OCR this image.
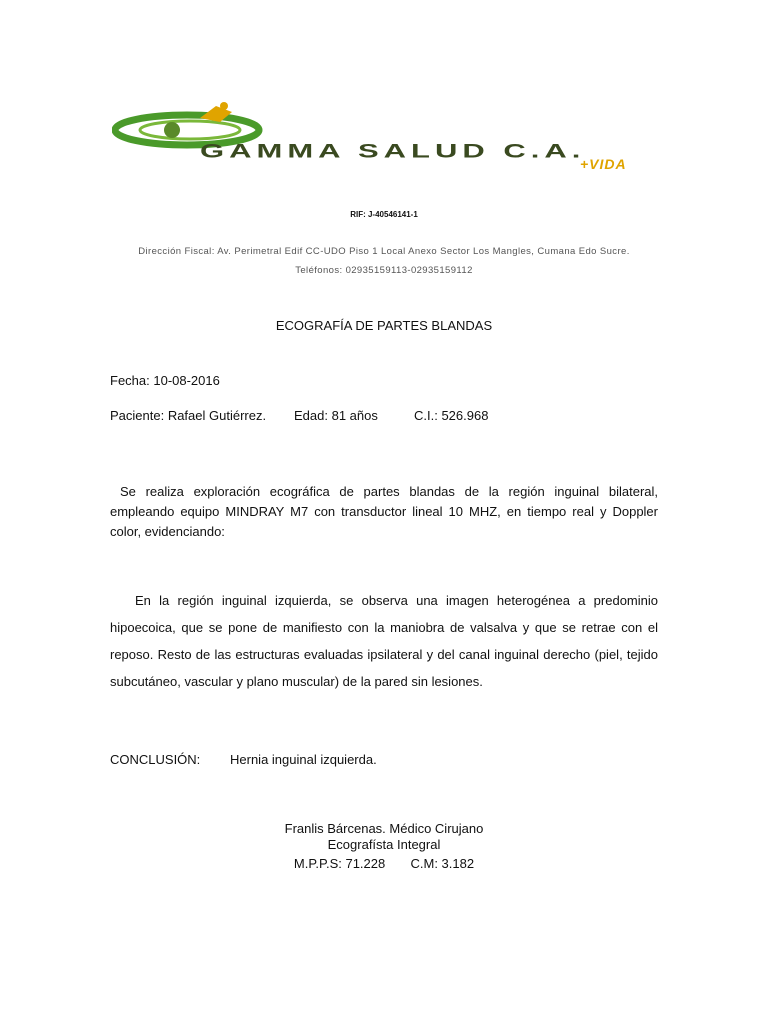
GAMMA SALUD C.A.
+VIDA
RIF: J-40546141-1
Dirección Fiscal: Av. Perimetral Edif CC-UDO Piso 1 Local Anexo Sector Los Mangles, Cumana Edo Sucre.
Teléfonos: 02935159113-02935159112
ECOGRAFÍA DE PARTES BLANDAS
Fecha: 10-08-2016
Paciente: Rafael Gutiérrez. Edad: 81 años	C.I.: 526.968
Se realiza exploración ecográfica de partes blandas de la región inguinal bilateral, empleando equipo MINDRAY M7 con transductor lineal 10 MHZ, en tiempo real y Doppler color, evidenciando:
En la región inguinal izquierda, se observa una imagen heterogénea a predominio hipoecoica, que se pone de manifiesto con la maniobra de valsalva y que se retrae con el reposo. Resto de las estructuras evaluadas ipsilateral y del canal inguinal derecho (piel, tejido subcutáneo, vascular y plano muscular) de la pared sin lesiones.
CONCLUSIÓN: Hernia inguinal izquierda.
Franlis Bárcenas. Médico Cirujano
Ecografísta Integral
M.P.P.S: 71.228 C.M: 3.182
